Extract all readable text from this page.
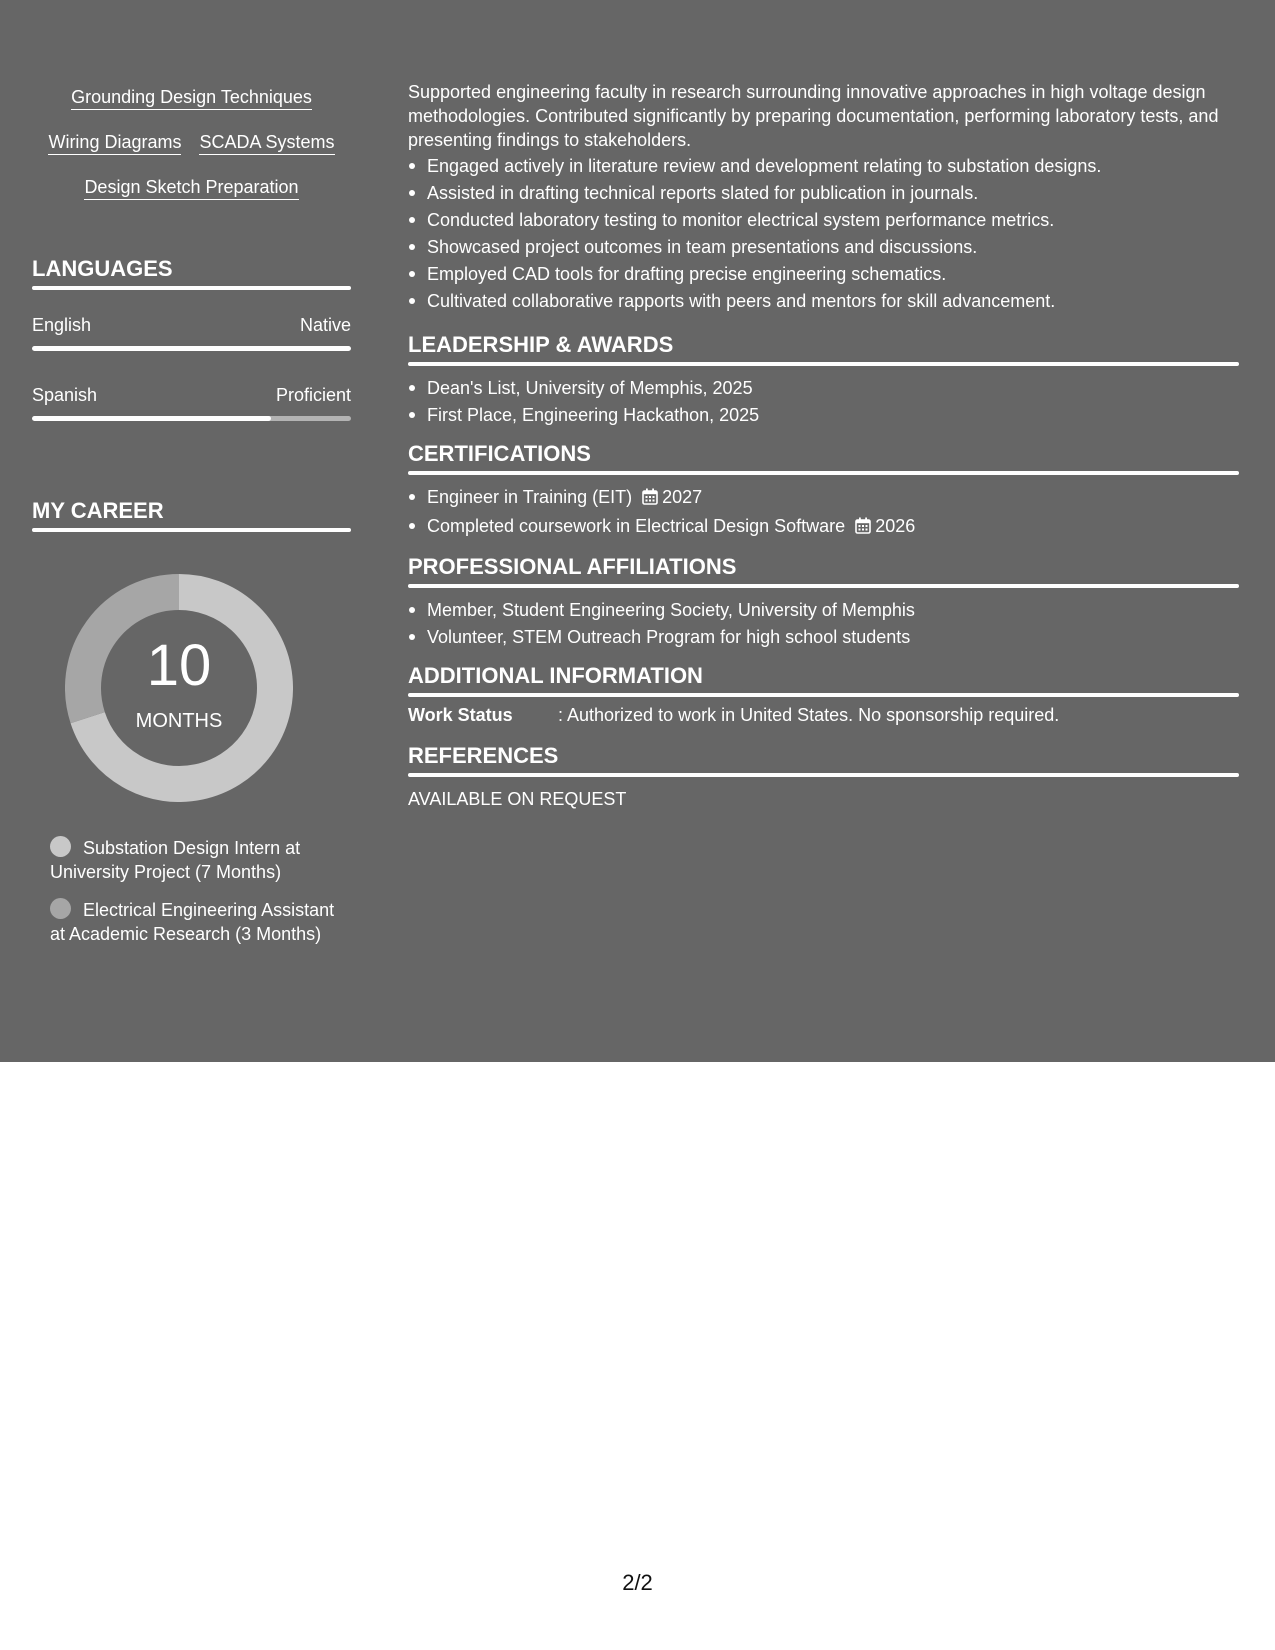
Grounding Design Techniques
Wiring Diagrams SCADA Systems
Design Sketch Preparation
LANGUAGES
English	Native
Spanish	Proficient
MY CAREER
10
MONTHS
Substation Design Intern at University Project (7 Months)
Electrical Engineering Assistant at Academic Research (3 Months)

Supported engineering faculty in research surrounding innovative approaches in high voltage design methodologies. Contributed significantly by preparing documentation, performing laboratory tests, and presenting findings to stakeholders.

Engaged actively in literature review and development relating to substation designs.
Assisted in drafting technical reports slated for publication in journals.
Conducted laboratory testing to monitor electrical system performance metrics.
Showcased project outcomes in team presentations and discussions.
Employed CAD tools for drafting precise engineering schematics.
Cultivated collaborative rapports with peers and mentors for skill advancement.
LEADERSHIP & AWARDS
Dean's List, University of Memphis, 2025
First Place, Engineering Hackathon, 2025
CERTIFICATIONS
Engineer in Training (EIT) 2027
Completed coursework in Electrical Design Software 2026
PROFESSIONAL AFFILIATIONS
Member, Student Engineering Society, University of Memphis
Volunteer, STEM Outreach Program for high school students
ADDITIONAL INFORMATION
Work Status	: Authorized to work in United States. No sponsorship required.
REFERENCES
AVAILABLE ON REQUEST
2/2
